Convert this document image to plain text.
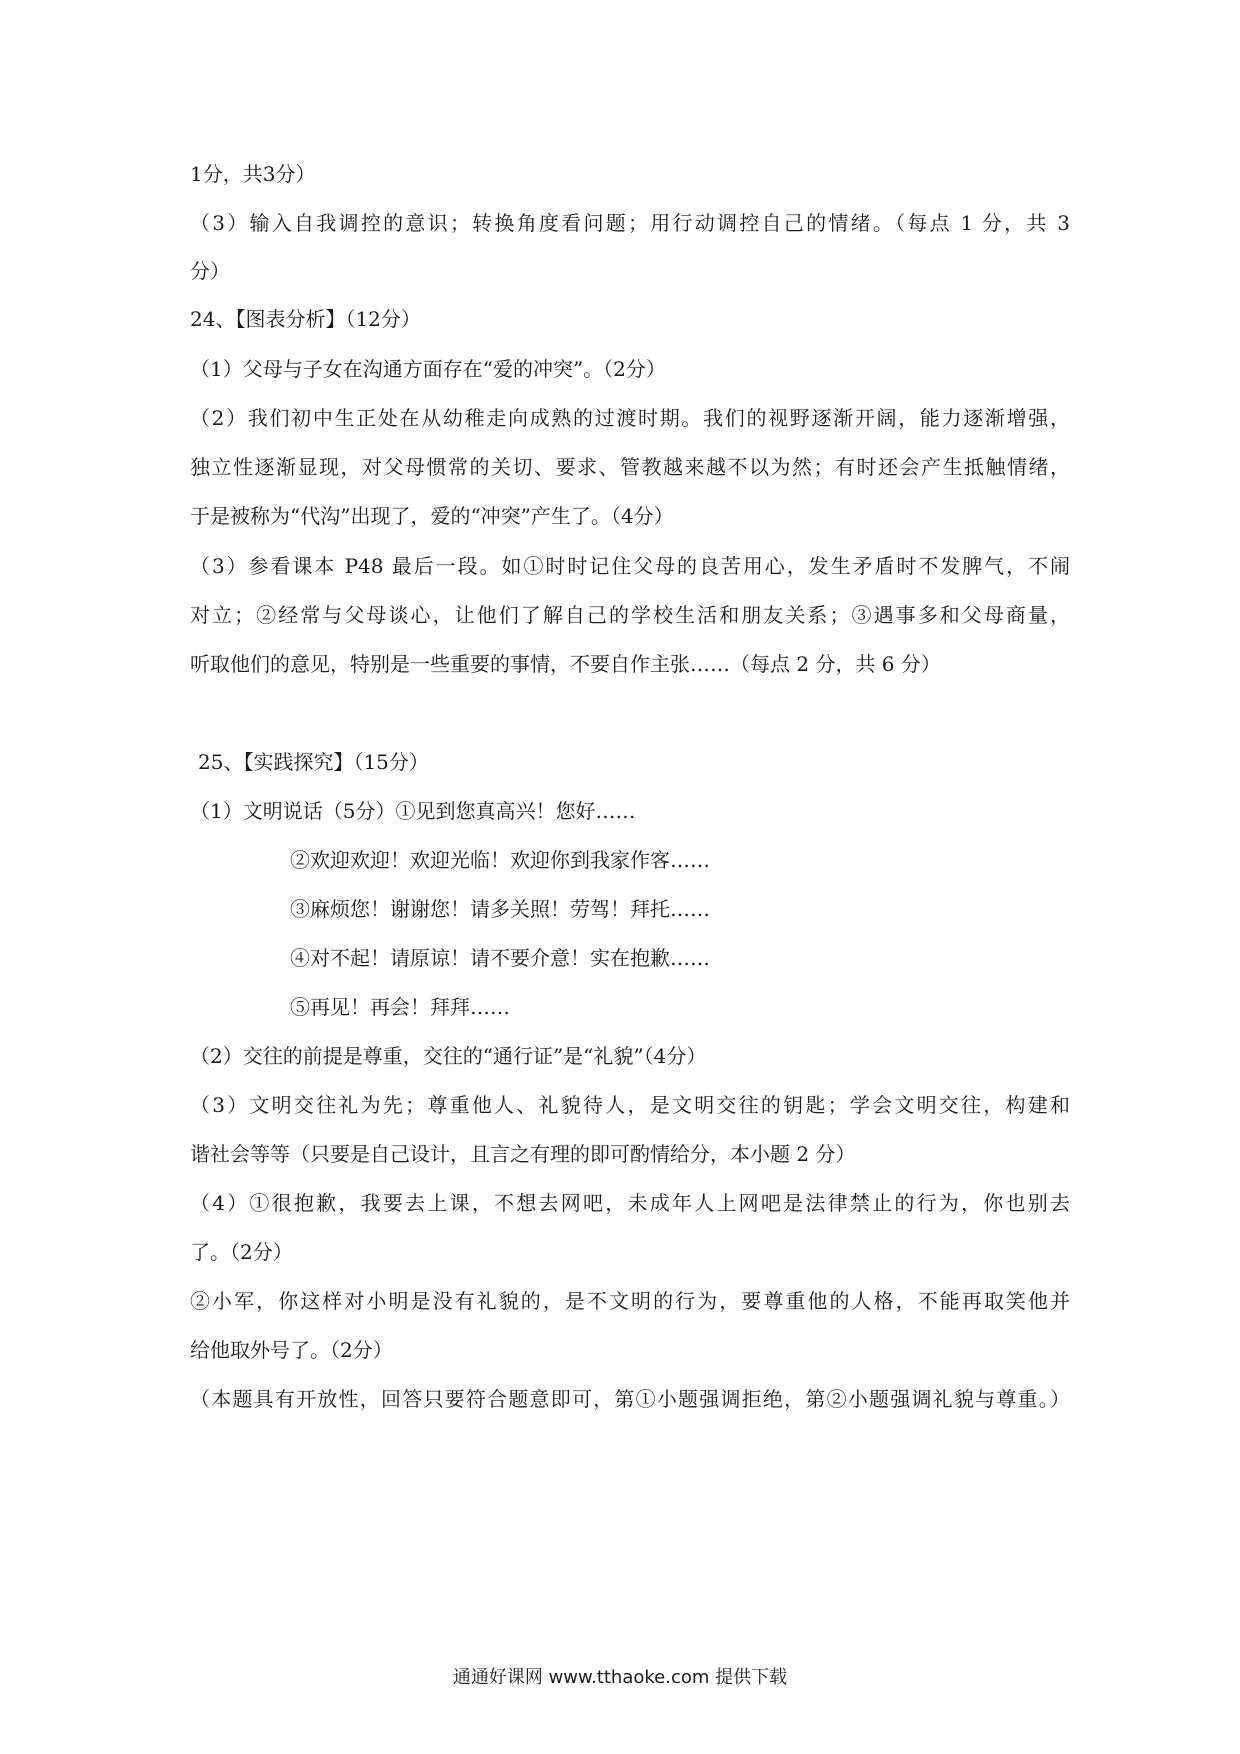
1分，共3分）
（3）输入自我调控的意识；转换角度看问题；用行动调控自己的情绪。（每点 1 分，共 3
分）
24、【图表分析】（12分）
（1）父母与子女在沟通方面存在“爱的冲突”。（2分）
（2）我们初中生正处在从幼稚走向成熟的过渡时期。我们的视野逐渐开阔，能力逐渐增强，
独立性逐渐显现，对父母惯常的关切、要求、管教越来越不以为然；有时还会产生抵触情绪，
于是被称为“代沟”出现了，爱的“冲突”产生了。（4分）
（3）参看课本 P48 最后一段。如①时时记住父母的良苦用心，发生矛盾时不发脾气，不闹
对立；②经常与父母谈心，让他们了解自己的学校生活和朋友关系；③遇事多和父母商量，
听取他们的意见，特别是一些重要的事情，不要自作主张……（每点 2 分，共 6 分）
25、【实践探究】（15分）
（1）文明说话（5分）①见到您真高兴！您好……
②欢迎欢迎！欢迎光临！欢迎你到我家作客……
③麻烦您！谢谢您！请多关照！劳驾！拜托……
④对不起！请原谅！请不要介意！实在抱歉……
⑤再见！再会！拜拜……
（2）交往的前提是尊重，交往的“通行证”是“礼貌”（4分）
（3）文明交往礼为先；尊重他人、礼貌待人，是文明交往的钥匙；学会文明交往，构建和
谐社会等等（只要是自己设计，且言之有理的即可酌情给分，本小题 2 分）
（4）①很抱歉，我要去上课，不想去网吧，未成年人上网吧是法律禁止的行为，你也别去
了。（2分）
②小军，你这样对小明是没有礼貌的，是不文明的行为，要尊重他的人格，不能再取笑他并
给他取外号了。（2分）
（本题具有开放性，回答只要符合题意即可，第①小题强调拒绝，第②小题强调礼貌与尊重。）
通通好课网 www.tthaoke.com 提供下载
